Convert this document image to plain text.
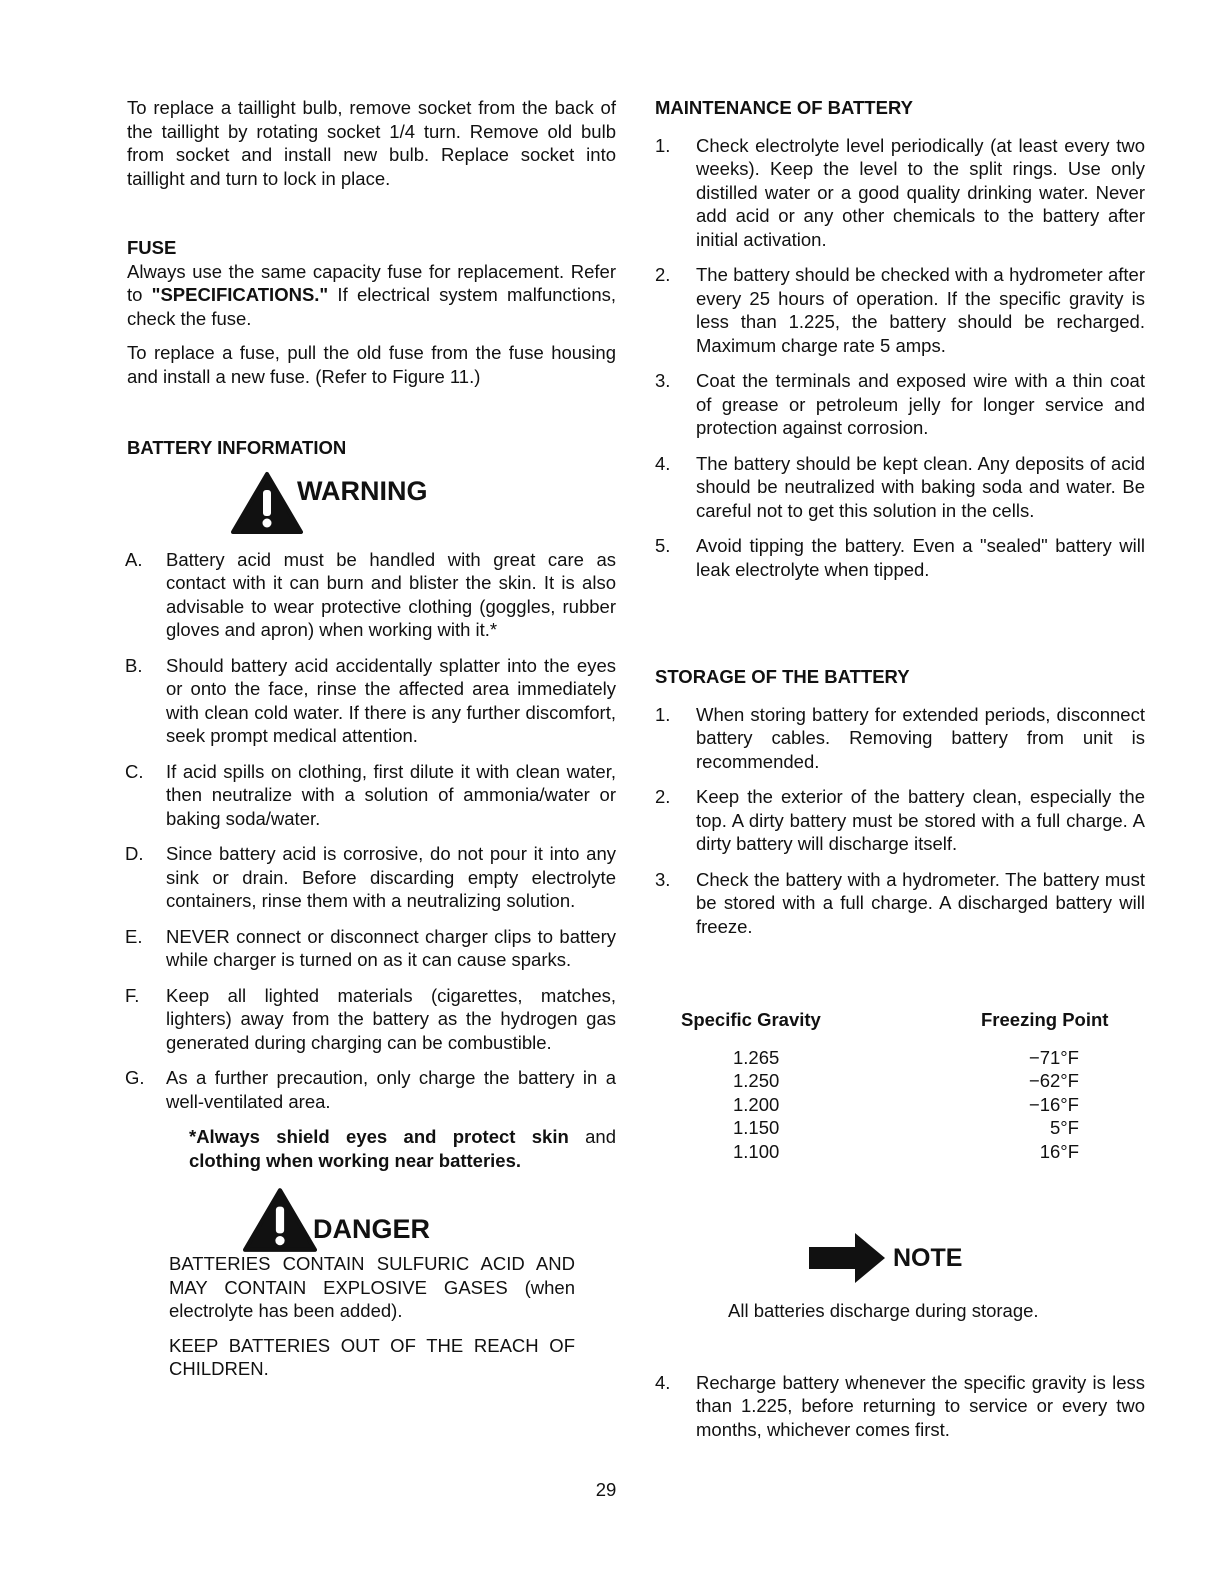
To replace a taillight bulb, remove socket from the back of the taillight by rotating socket 1/4 turn. Remove old bulb from socket and install new bulb. Replace socket into taillight and turn to lock in place.

FUSE

Always use the same capacity fuse for replacement. Refer to "SPECIFICATIONS." If electrical system malfunctions, check the fuse.

To replace a fuse, pull the old fuse from the fuse housing and install a new fuse. (Refer to Figure 11.)

BATTERY INFORMATION

WARNING
A.	Battery acid must be handled with great care as contact with it can burn and blister the skin. It is also advisable to wear protective clothing (goggles, rubber gloves and apron) when working with it.*
B.	Should battery acid accidentally splatter into the eyes or onto the face, rinse the affected area immediately with clean cold water. If there is any further discomfort, seek prompt medical attention.
C.	If acid spills on clothing, first dilute it with clean water, then neutralize with a solution of ammonia/water or baking soda/water.
D.	Since battery acid is corrosive, do not pour it into any sink or drain. Before discarding empty electrolyte containers, rinse them with a neutralizing solution.
E.	NEVER connect or disconnect charger clips to battery while charger is turned on as it can cause sparks.
F.	Keep all lighted materials (cigarettes, matches, lighters) away from the battery as the hydrogen gas generated during charging can be combustible.
G.	As a further precaution, only charge the battery in a well-ventilated area.

*Always shield eyes and protect skin and clothing when working near batteries.

DANGER

BATTERIES CONTAIN SULFURIC ACID AND MAY CONTAIN EXPLOSIVE GASES (when electrolyte has been added).

KEEP BATTERIES OUT OF THE REACH OF CHILDREN.

MAINTENANCE OF BATTERY

1.	Check electrolyte level periodically (at least every two weeks). Keep the level to the split rings. Use only distilled water or a good quality drinking water. Never add acid or any other chemicals to the battery after initial activation.
2.	The battery should be checked with a hydrometer after every 25 hours of operation. If the specific gravity is less than 1.225, the battery should be recharged. Maximum charge rate 5 amps.
3.	Coat the terminals and exposed wire with a thin coat of grease or petroleum jelly for longer service and protection against corrosion.
4.	The battery should be kept clean. Any deposits of acid should be neutralized with baking soda and water. Be careful not to get this solution in the cells.
5.	Avoid tipping the battery. Even a "sealed" battery will leak electrolyte when tipped.

STORAGE OF THE BATTERY

1.	When storing battery for extended periods, disconnect battery cables. Removing battery from unit is recommended.
2.	Keep the exterior of the battery clean, especially the top. A dirty battery must be stored with a full charge. A dirty battery will discharge itself.
3.	Check the battery with a hydrometer. The battery must be stored with a full charge. A discharged battery will freeze.
Specific Gravity	Freezing Point
1.265	−71°F
1.250	−62°F
1.200	−16°F
1.150	5°F
1.100	16°F
NOTE

All batteries discharge during storage.

4.	Recharge battery whenever the specific gravity is less than 1.225, before returning to service or every two months, whichever comes first.
29
